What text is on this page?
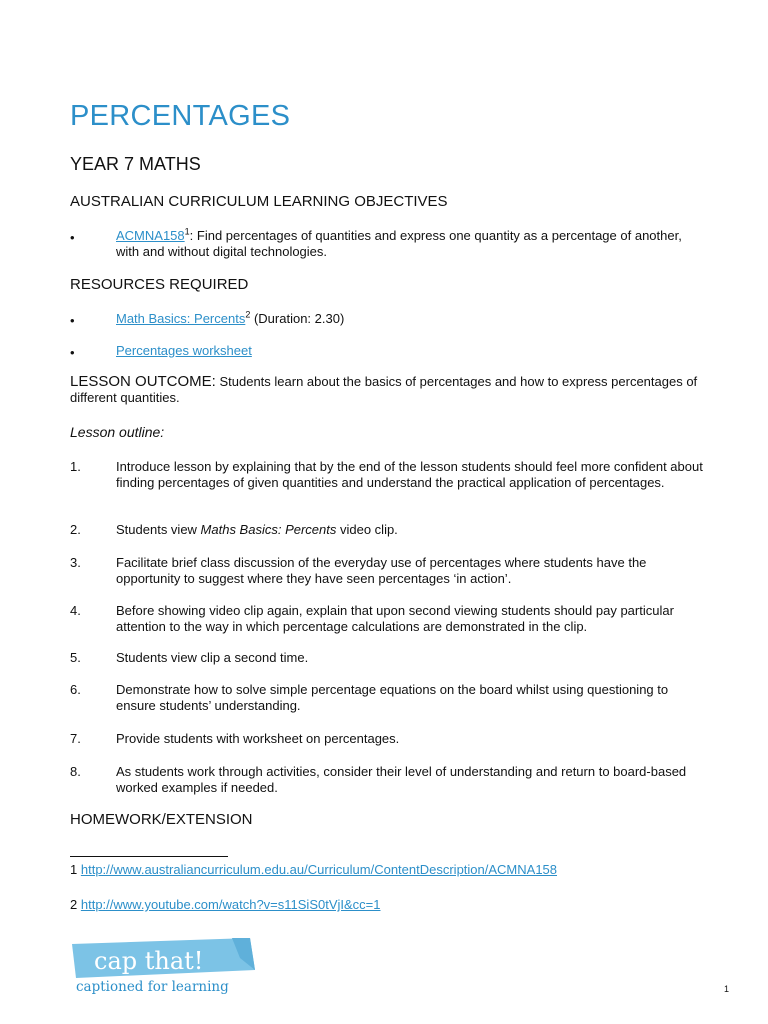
PERCENTAGES
YEAR 7 MATHS
AUSTRALIAN CURRICULUM LEARNING OBJECTIVES
•	$ACMNA158^1$: Find percentages of quantities and express one quantity as a percentage of another, with and without digital technologies.
RESOURCES REQUIRED
•	Math Basics: Percents$^2$ (Duration: 2.30)
•	Percentages worksheet
LESSON OUTCOME: Students learn about the basics of percentages and how to express percentages of different quantities.
Lesson outline:
1.	Introduce lesson by explaining that by the end of the lesson students should feel more confident about finding percentages of given quantities and understand the practical application of percentages.
2.	Students view Maths Basics: Percents video clip.
3.	Facilitate brief class discussion of the everyday use of percentages where students have the opportunity to suggest where they have seen percentages ‘in action’.
4.	Before showing video clip again, explain that upon second viewing students should pay particular attention to the way in which percentage calculations are demonstrated in the clip.
5.	Students view clip a second time.
6.	Demonstrate how to solve simple percentage equations on the board whilst using questioning to ensure students’ understanding.
7.	Provide students with worksheet on percentages.
8.	As students work through activities, consider their level of understanding and return to board-based worked examples if needed.
HOMEWORK/EXTENSION
1 http://www.australiancurriculum.edu.au/Curriculum/ContentDescription/ACMNA158
2 http://www.youtube.com/watch?v=s11SiS0tVjI&cc=1
cap that!
captioned for learning	1
